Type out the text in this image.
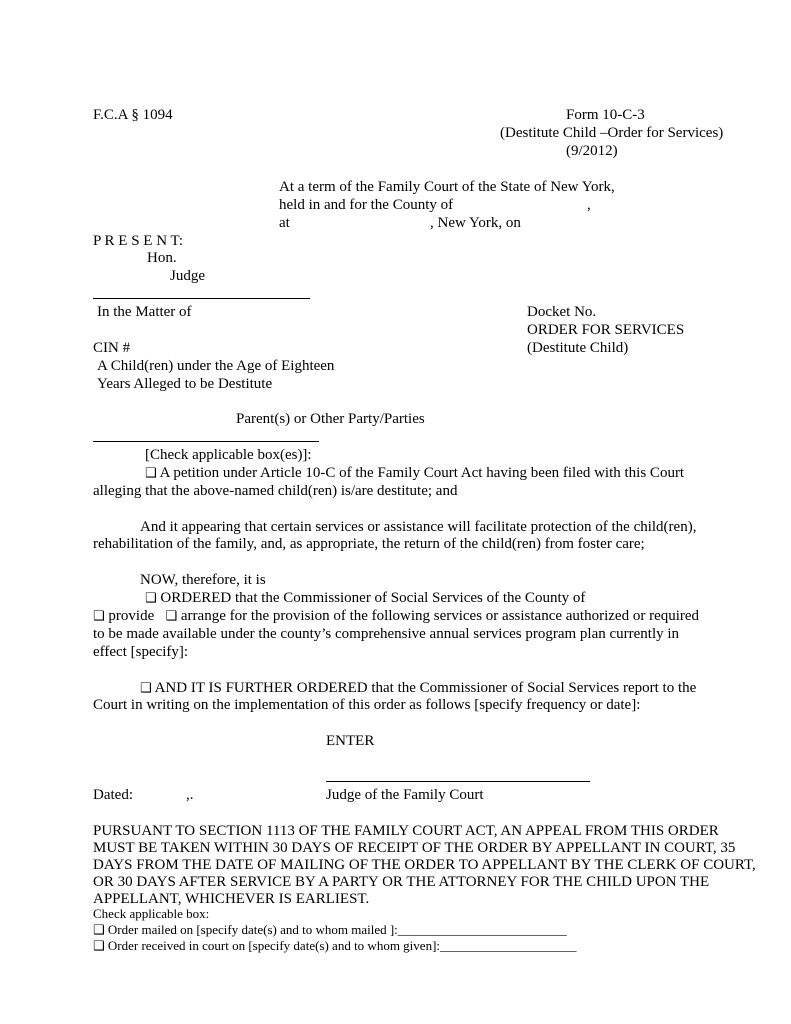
F.C.A § 1094	Form 10-C-3
(Destitute Child –Order for Services)
(9/2012)
At a term of the Family Court of the State of New York,
held in and for the County of	,
at	, New York, on
P R E S E N T:
Hon.
Judge
In the Matter of
CIN #
A Child(ren) under the Age of Eighteen
Years Alleged to be Destitute
Parent(s) or Other Party/Parties
Docket No.
ORDER FOR SERVICES
(Destitute Child)
[Check applicable box(es)]:
❑ A petition under Article 10-C of the Family Court Act having been filed with this Court
alleging that the above-named child(ren) is/are destitute; and
And it appearing that certain services or assistance will facilitate protection of the child(ren),
rehabilitation of the family, and, as appropriate, the return of the child(ren) from foster care;
NOW, therefore, it is
❑ ORDERED that the Commissioner of Social Services of the County of
❑ provide ❑ arrange for the provision of the following services or assistance authorized or required
to be made available under the county’s comprehensive annual services program plan currently in
effect [specify]:
❑ AND IT IS FURTHER ORDERED that the Commissioner of Social Services report to the
Court in writing on the implementation of this order as follows [specify frequency or date]:
ENTER
Dated:	,.	Judge of the Family Court
PURSUANT TO SECTION 1113 OF THE FAMILY COURT ACT, AN APPEAL FROM THIS ORDER
MUST BE TAKEN WITHIN 30 DAYS OF RECEIPT OF THE ORDER BY APPELLANT IN COURT, 35
DAYS FROM THE DATE OF MAILING OF THE ORDER TO APPELLANT BY THE CLERK OF COURT,
OR 30 DAYS AFTER SERVICE BY A PARTY OR THE ATTORNEY FOR THE CHILD UPON THE
APPELLANT, WHICHEVER IS EARLIEST.
Check applicable box:
❑ Order mailed on [specify date(s) and to whom mailed ]:__________________________
❑ Order received in court on [specify date(s) and to whom given]:_____________________
